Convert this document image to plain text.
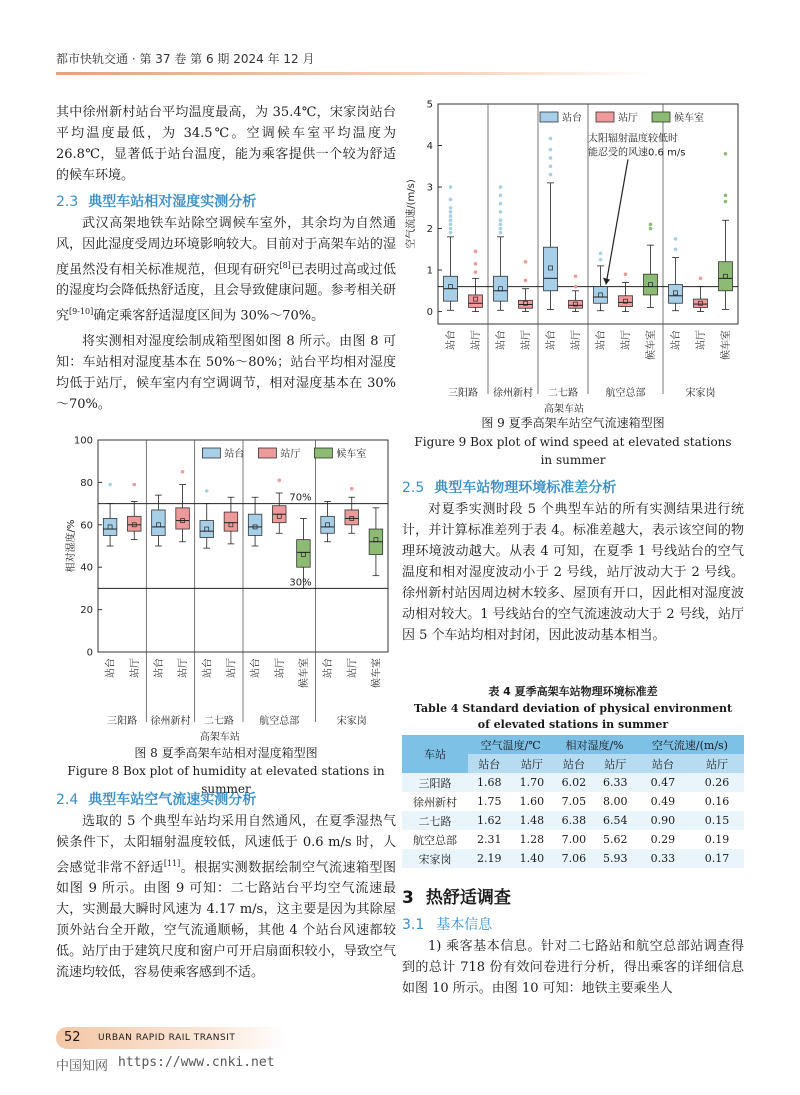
都市快轨交通 · 第 37 卷 第 6 期 2024 年 12 月

其中徐州新村站台平均温度最高，为 35.4℃，宋家岗站台平均温度最低，为 34.5℃。空调候车室平均温度为 26.8℃，显著低于站台温度，能为乘客提供一个较为舒适的候车环境。

2.3 典型车站相对湿度实测分析

武汉高架地铁车站除空调候车室外，其余均为自然通风，因此湿度受周边环境影响较大。目前对于高架车站的湿度虽然没有相关标准规范，但现有研究[8]已表明过高或过低的湿度均会降低热舒适度，且会导致健康问题。参考相关研究[9-10]确定乘客舒适湿度区间为 30%～70%。

将实测相对湿度绘制成箱型图如图 8 所示。由图 8 可知：车站相对湿度基本在 50%～80%；站台平均相对湿度均低于站厅，候车室内有空调调节，相对湿度基本在 30%～70%。

0
20
40
60
80
100
相对湿度/%
70%
30%
站台 站厅 站台 站厅 站台 站厅 站台 站厅 候车室 站台 站厅 候车室
三阳路 徐州新村 二七路	航空总部	宋家岗
高架车站
站台	站厅	候车室
图 8 夏季高架车站相对湿度箱型图
Figure 8 Box plot of humidity at elevated stations in summer
2.4 典型车站空气流速实测分析

选取的 5 个典型车站均采用自然通风，在夏季湿热气候条件下，太阳辐射温度较低，风速低于 0.6 m/s 时，人会感觉非常不舒适[11]。根据实测数据绘制空气流速箱型图如图 9 所示。由图 9 可知：二七路站台平均空气流速最大，实测最大瞬时风速为 4.17 m/s，这主要是因为其除屋顶外站台全开敞，空气流通顺畅，其他 4 个站台风速都较低。站厅由于建筑尺度和窗户可开启扇面积较小，导致空气流速均较低，容易使乘客感到不适。

0
1
2
3
4
5
空气流速/(m/s)
站台 站厅 站台 站厅 站台 站厅 站台 站厅 候车室 站台 站厅 候车室
三阳路 徐州新村 二七路	航空总部	宋家岗
高架车站
站台	站厅	候车室
太阳辐射温度较低时
能忍受的风速0.6 m/s
图 9 夏季高架车站空气流速箱型图
Figure 9 Box plot of wind speed at elevated stations
in summer
2.5 典型车站物理环境标准差分析

对夏季实测时段 5 个典型车站的所有实测结果进行统计，并计算标准差列于表 4。标准差越大，表示该空间的物理环境波动越大。从表 4 可知，在夏季 1 号线站台的空气温度和相对湿度波动小于 2 号线，站厅波动大于 2 号线。徐州新村站因周边树木较多、屋顶有开口，因此相对湿度波动相对较大。1 号线站台的空气流速波动大于 2 号线，站厅因 5 个车站均相对封闭，因此波动基本相当。

表 4 夏季高架车站物理环境标准差
Table 4 Standard deviation of physical environment
of elevated stations in summer
车站	空气温度/℃		相对湿度/%		空气流速/(m/s)	
	站台	站厅	站台	站厅	站台	站厅
三阳路	1.68	1.70	6.02	6.33	0.47	0.26
徐州新村	1.75	1.60	7.05	8.00	0.49	0.16
二七路	1.62	1.48	6.38	6.54	0.90	0.15
航空总部	2.31	1.28	7.00	5.62	0.29	0.19
宋家岗	2.19	1.40	7.06	5.93	0.33	0.17
3 热舒适调查
3.1 基本信息

1) 乘客基本信息。针对二七路站和航空总部站调查得到的总计 718 份有效问卷进行分析，得出乘客的详细信息如图 10 所示。由图 10 可知：地铁主要乘坐人

52 URBAN RAPID RAIL TRANSIT
中国知网 https://www.cnki.net
